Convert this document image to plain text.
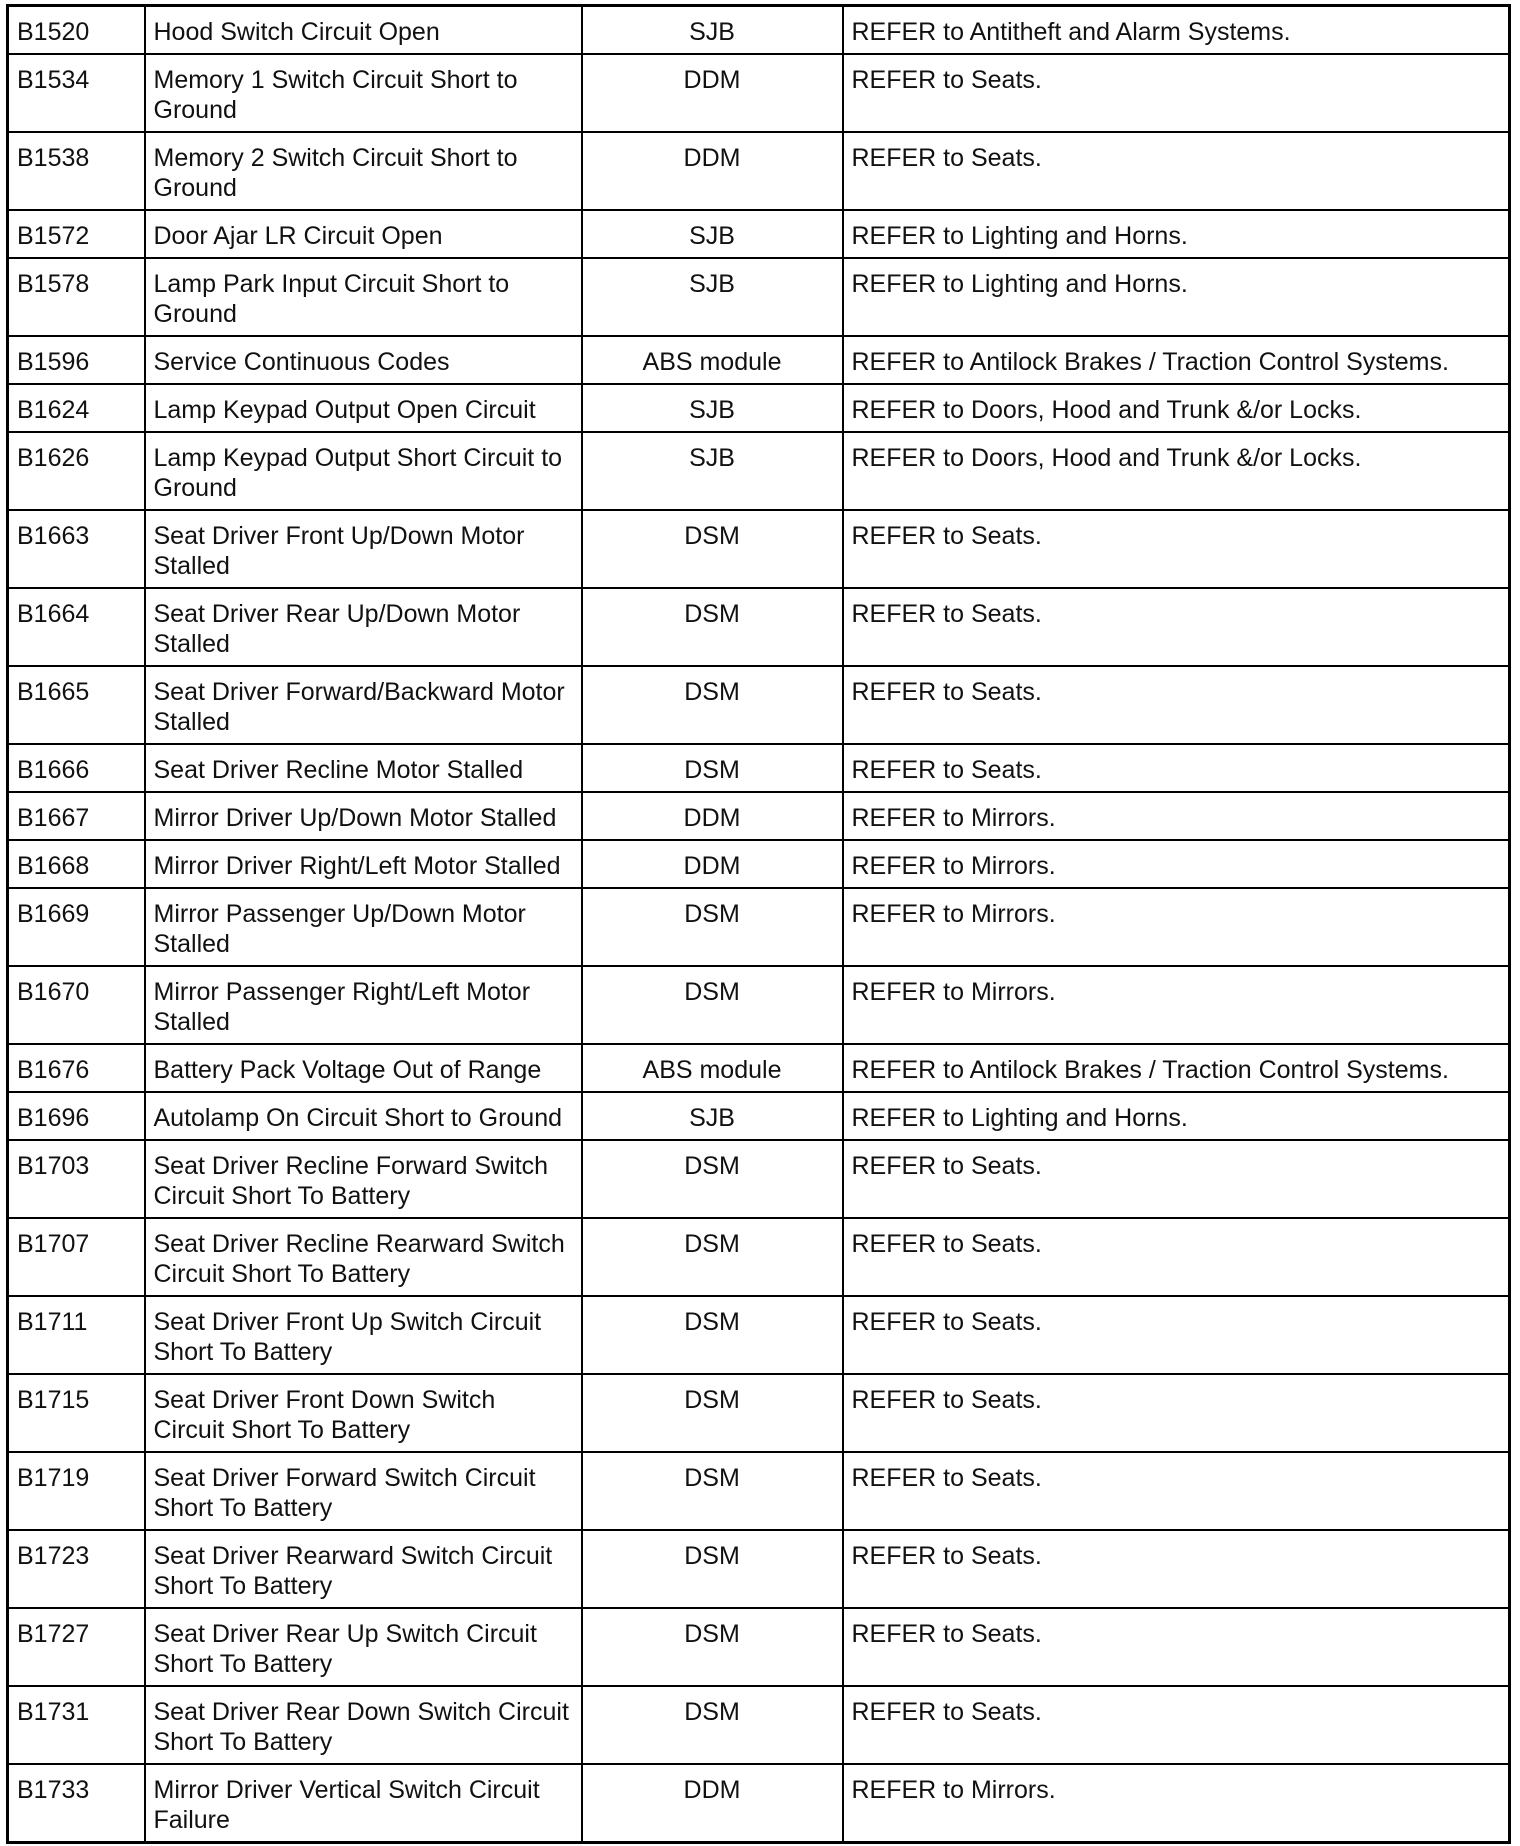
B1520	Hood Switch Circuit Open	SJB	REFER to Antitheft and Alarm Systems.
B1534	Memory 1 Switch Circuit Short to Ground	DDM	REFER to Seats.
B1538	Memory 2 Switch Circuit Short to Ground	DDM	REFER to Seats.
B1572	Door Ajar LR Circuit Open	SJB	REFER to Lighting and Horns.
B1578	Lamp Park Input Circuit Short to Ground	SJB	REFER to Lighting and Horns.
B1596	Service Continuous Codes	ABS module	REFER to Antilock Brakes / Traction Control Systems.
B1624	Lamp Keypad Output Open Circuit	SJB	REFER to Doors, Hood and Trunk &/or Locks.
B1626	Lamp Keypad Output Short Circuit to Ground	SJB	REFER to Doors, Hood and Trunk &/or Locks.
B1663	Seat Driver Front Up/Down Motor Stalled	DSM	REFER to Seats.
B1664	Seat Driver Rear Up/Down Motor Stalled	DSM	REFER to Seats.
B1665	Seat Driver Forward/Backward Motor Stalled	DSM	REFER to Seats.
B1666	Seat Driver Recline Motor Stalled	DSM	REFER to Seats.
B1667	Mirror Driver Up/Down Motor Stalled	DDM	REFER to Mirrors.
B1668	Mirror Driver Right/Left Motor Stalled	DDM	REFER to Mirrors.
B1669	Mirror Passenger Up/Down Motor Stalled	DSM	REFER to Mirrors.
B1670	Mirror Passenger Right/Left Motor Stalled	DSM	REFER to Mirrors.
B1676	Battery Pack Voltage Out of Range	ABS module	REFER to Antilock Brakes / Traction Control Systems.
B1696	Autolamp On Circuit Short to Ground	SJB	REFER to Lighting and Horns.
B1703	Seat Driver Recline Forward Switch Circuit Short To Battery	DSM	REFER to Seats.
B1707	Seat Driver Recline Rearward Switch Circuit Short To Battery	DSM	REFER to Seats.
B1711	Seat Driver Front Up Switch Circuit Short To Battery	DSM	REFER to Seats.
B1715	Seat Driver Front Down Switch Circuit Short To Battery	DSM	REFER to Seats.
B1719	Seat Driver Forward Switch Circuit Short To Battery	DSM	REFER to Seats.
B1723	Seat Driver Rearward Switch Circuit Short To Battery	DSM	REFER to Seats.
B1727	Seat Driver Rear Up Switch Circuit Short To Battery	DSM	REFER to Seats.
B1731	Seat Driver Rear Down Switch Circuit Short To Battery	DSM	REFER to Seats.
B1733	Mirror Driver Vertical Switch Circuit Failure	DDM	REFER to Mirrors.
